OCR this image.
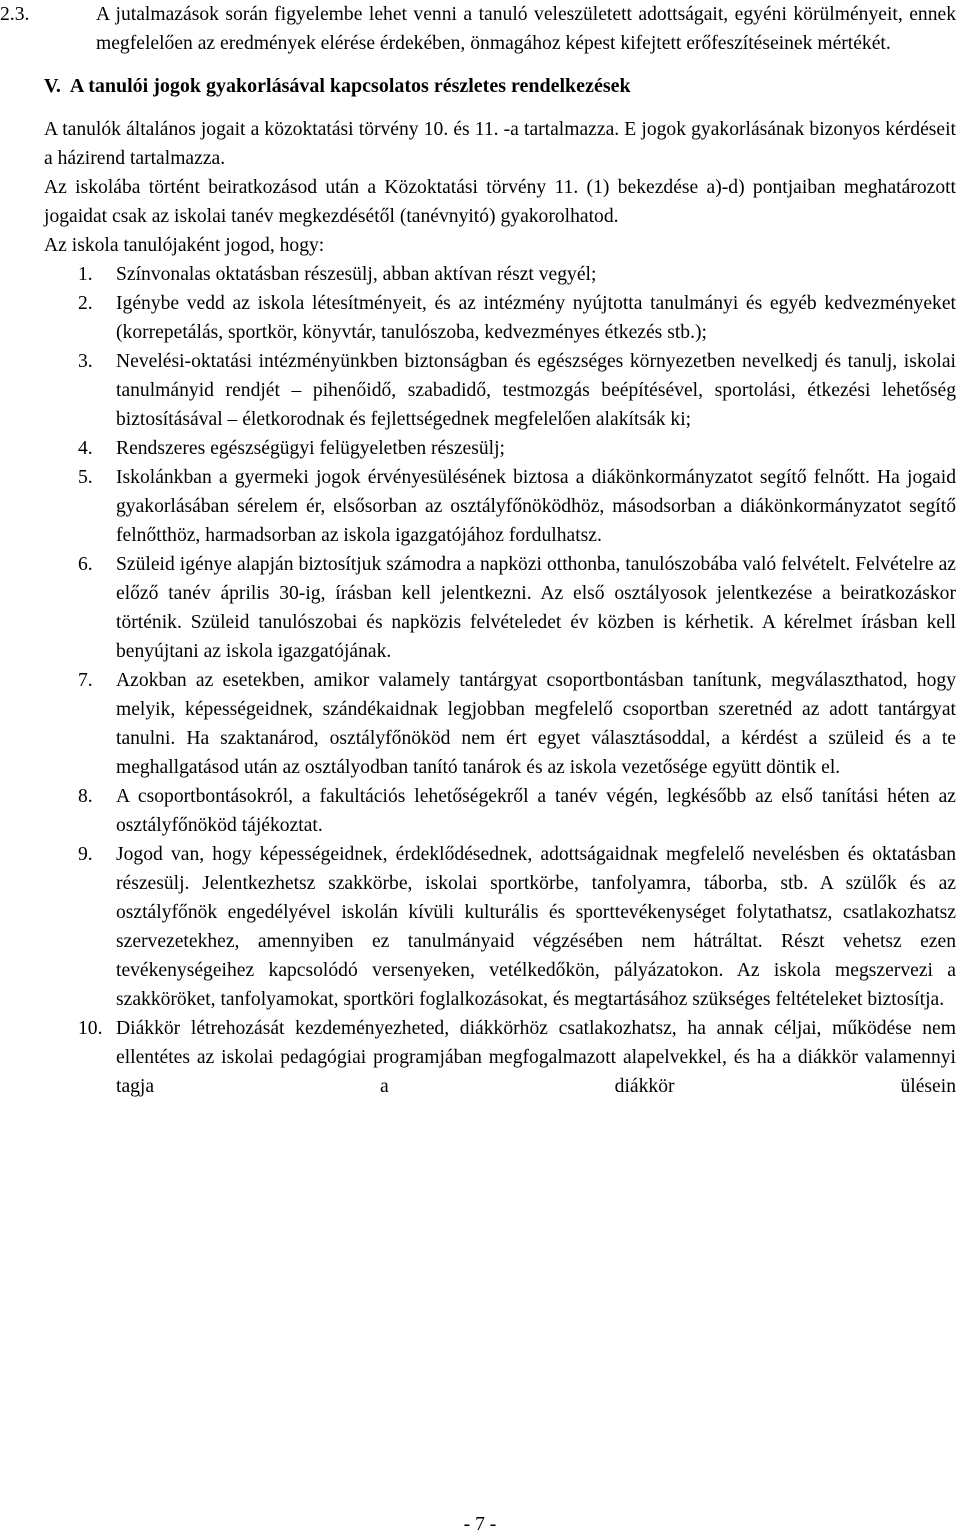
2.3.	A jutalmazások során figyelembe lehet venni a tanuló veleszületett adottságait, egyéni körülményeit, ennek megfelelően az eredmények elérése érdekében, önmagához képest kifejtett erőfeszítéseinek mértékét.
V. A tanulói jogok gyakorlásával kapcsolatos részletes rendelkezések

A tanulók általános jogait a közoktatási törvény 10. és 11. -a tartalmazza. E jogok gyakorlásának bizonyos kérdéseit a házirend tartalmazza.

Az iskolába történt beiratkozásod után a Közoktatási törvény 11. (1) bekezdése a)-d) pontjaiban meghatározott jogaidat csak az iskolai tanév megkezdésétől (tanévnyitó) gyakorolhatod.

Az iskola tanulójaként jogod, hogy:

1. Színvonalas oktatásban részesülj, abban aktívan részt vegyél;
2. Igénybe vedd az iskola létesítményeit, és az intézmény nyújtotta tanulmányi és egyéb kedvezményeket (korrepetálás, sportkör, könyvtár, tanulószoba, kedvezményes étkezés stb.);
3. Nevelési-oktatási intézményünkben biztonságban és egészséges környezetben nevelkedj és tanulj, iskolai tanulmányid rendjét – pihenőidő, szabadidő, testmozgás beépítésével, sportolási, étkezési lehetőség biztosításával – életkorodnak és fejlettségednek megfelelően alakítsák ki;
4. Rendszeres egészségügyi felügyeletben részesülj;
5. Iskolánkban a gyermeki jogok érvényesülésének biztosa a diákönkormányzatot segítő felnőtt. Ha jogaid gyakorlásában sérelem ér, elsősorban az osztályfőnöködhöz, másodsorban a diákönkormányzatot segítő felnőtthöz, harmadsorban az iskola igazgatójához fordulhatsz.
6. Szüleid igénye alapján biztosítjuk számodra a napközi otthonba, tanulószobába való felvételt. Felvételre az előző tanév április 30-ig, írásban kell jelentkezni. Az első osztályosok jelentkezése a beiratkozáskor történik. Szüleid tanulószobai és napközis felvételedet év közben is kérhetik. A kérelmet írásban kell benyújtani az iskola igazgatójának.
7. Azokban az esetekben, amikor valamely tantárgyat csoportbontásban tanítunk, megválaszthatod, hogy melyik, képességeidnek, szándékaidnak legjobban megfelelő csoportban szeretnéd az adott tantárgyat tanulni. Ha szaktanárod, osztályfőnököd nem ért egyet választásoddal, a kérdést a szüleid és a te meghallgatásod után az osztályodban tanító tanárok és az iskola vezetősége együtt döntik el.
8. A csoportbontásokról, a fakultációs lehetőségekről a tanév végén, legkésőbb az első tanítási héten az osztályfőnököd tájékoztat.
9. Jogod van, hogy képességeidnek, érdeklődésednek, adottságaidnak megfelelő nevelésben és oktatásban részesülj. Jelentkezhetsz szakkörbe, iskolai sportkörbe, tanfolyamra, táborba, stb. A szülők és az osztályfőnök engedélyével iskolán kívüli kulturális és sporttevékenységet folytathatsz, csatlakozhatsz szervezetekhez, amennyiben ez tanulmányaid végzésében nem hátráltat. Részt vehetsz ezen tevékenységeihez kapcsolódó versenyeken, vetélkedőkön, pályázatokon. Az iskola megszervezi a szakköröket, tanfolyamokat, sportköri foglalkozásokat, és megtartásához szükséges feltételeket biztosítja.
10. Diákkör létrehozását kezdeményezheted, diákkörhöz csatlakozhatsz, ha annak céljai, működése nem ellentétes az iskolai pedagógiai programjában megfogalmazott alapelvekkel, és ha a diákkör valamennyi tagja a diákkör ülésein
- 7 -
